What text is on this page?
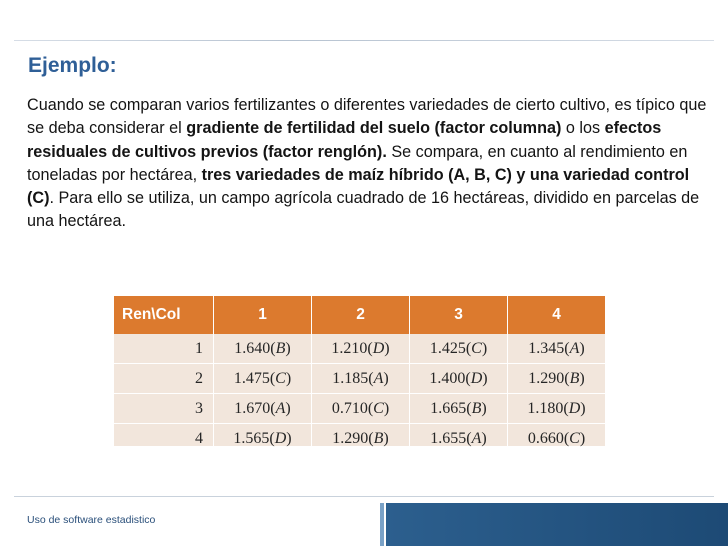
Ejemplo:

Cuando se comparan varios fertilizantes o diferentes variedades de cierto cultivo, es típico que se deba considerar el gradiente de fertilidad del suelo (factor columna) o los efectos residuales de cultivos previos (factor renglón). Se compara, en cuanto al rendimiento en toneladas por hectárea, tres variedades de maíz híbrido (A, B, C) y una variedad control (C). Para ello se utiliza, un campo agrícola cuadrado de 16 hectáreas, dividido en parcelas de una hectárea.

Ren\Col	1	2	3	4
1	1.640(B)	1.210(D)	1.425(C)	1.345(A)
2	1.475(C)	1.185(A)	1.400(D)	1.290(B)
3	1.670(A)	0.710(C)	1.665(B)	1.180(D)
4	1.565(D)	1.290(B)	1.655(A)	0.660(C)

Uso de software estadistico
